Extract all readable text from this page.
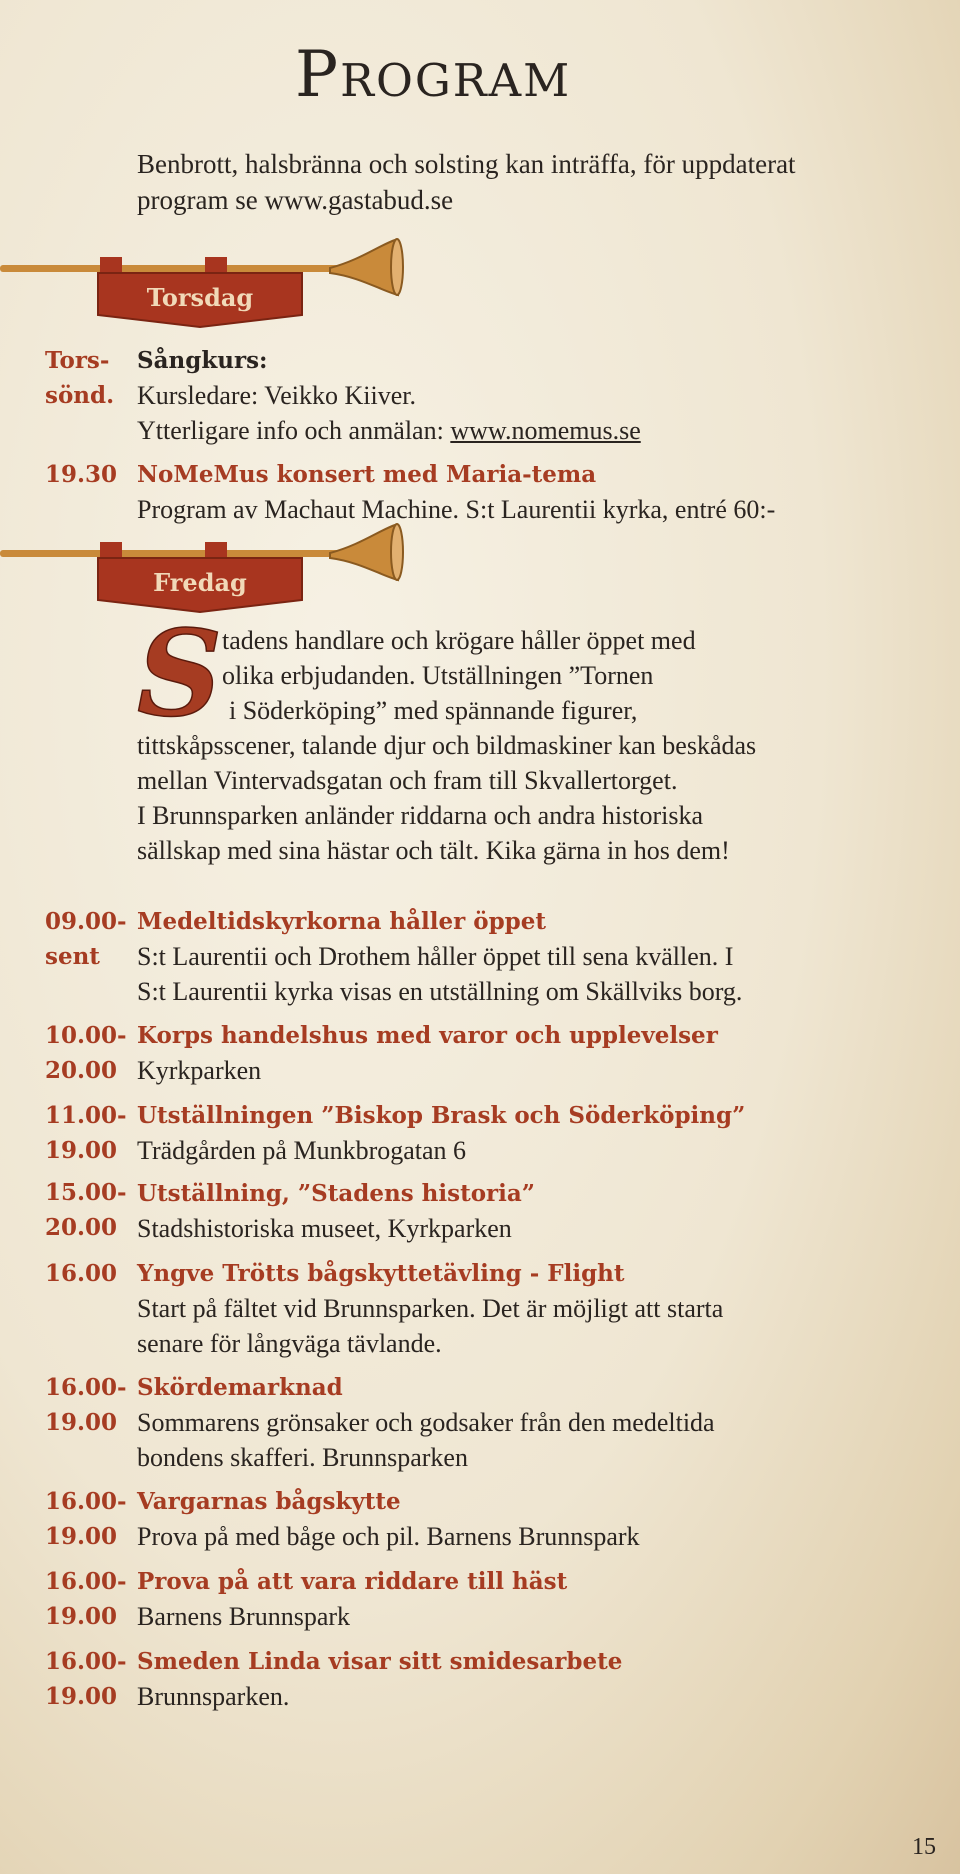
Program

Benbrott, halsbränna och solsting kan inträffa, för uppdaterat program se www.gastabud.se

Torsdag
Tors-
sönd.

Sångkurs:

Kursledare: Veikko Kiiver.

Ytterligare info och anmälan: www.nomemus.se

19.30 NoMeMus konsert med Maria-tema

Program av Machaut Machine. S:t Laurentii kyrka, entré 60:-

Fredag
S tadens handlare och krögare håller öppet med
olika erbjudanden. Utställningen ”Tornen
i Söderköping” med spännande figurer,
tittskåpsscener, talande djur och bildmaskiner kan beskådas
mellan Vintervadsgatan och fram till Skvallertorget.
I Brunnsparken anländer riddarna och andra historiska
sällskap med sina hästar och tält. Kika gärna in hos dem!
09.00-
sent

Medeltidskyrkorna håller öppet

S:t Laurentii och Drothem håller öppet till sena kvällen. I

S:t Laurentii kyrka visas en utställning om Skällviks borg.

10.00-
20.00

Korps handelshus med varor och upplevelser

Kyrkparken

11.00-
19.00

Utställningen ”Biskop Brask och Söderköping”

Trädgården på Munkbrogatan 6

15.00-
20.00

Utställning, ”Stadens historia”

Stadshistoriska museet, Kyrkparken

16.00 Yngve Trötts bågskyttetävling - Flight

Start på fältet vid Brunnsparken. Det är möjligt att starta

senare för långväga tävlande.

16.00-
19.00

Skördemarknad

Sommarens grönsaker och godsaker från den medeltida

bondens skafferi. Brunnsparken

16.00-
19.00

Vargarnas bågskytte

Prova på med båge och pil. Barnens Brunnspark

16.00-
19.00

Prova på att vara riddare till häst

Barnens Brunnspark

16.00-
19.00

Smeden Linda visar sitt smidesarbete

Brunnsparken.

15
